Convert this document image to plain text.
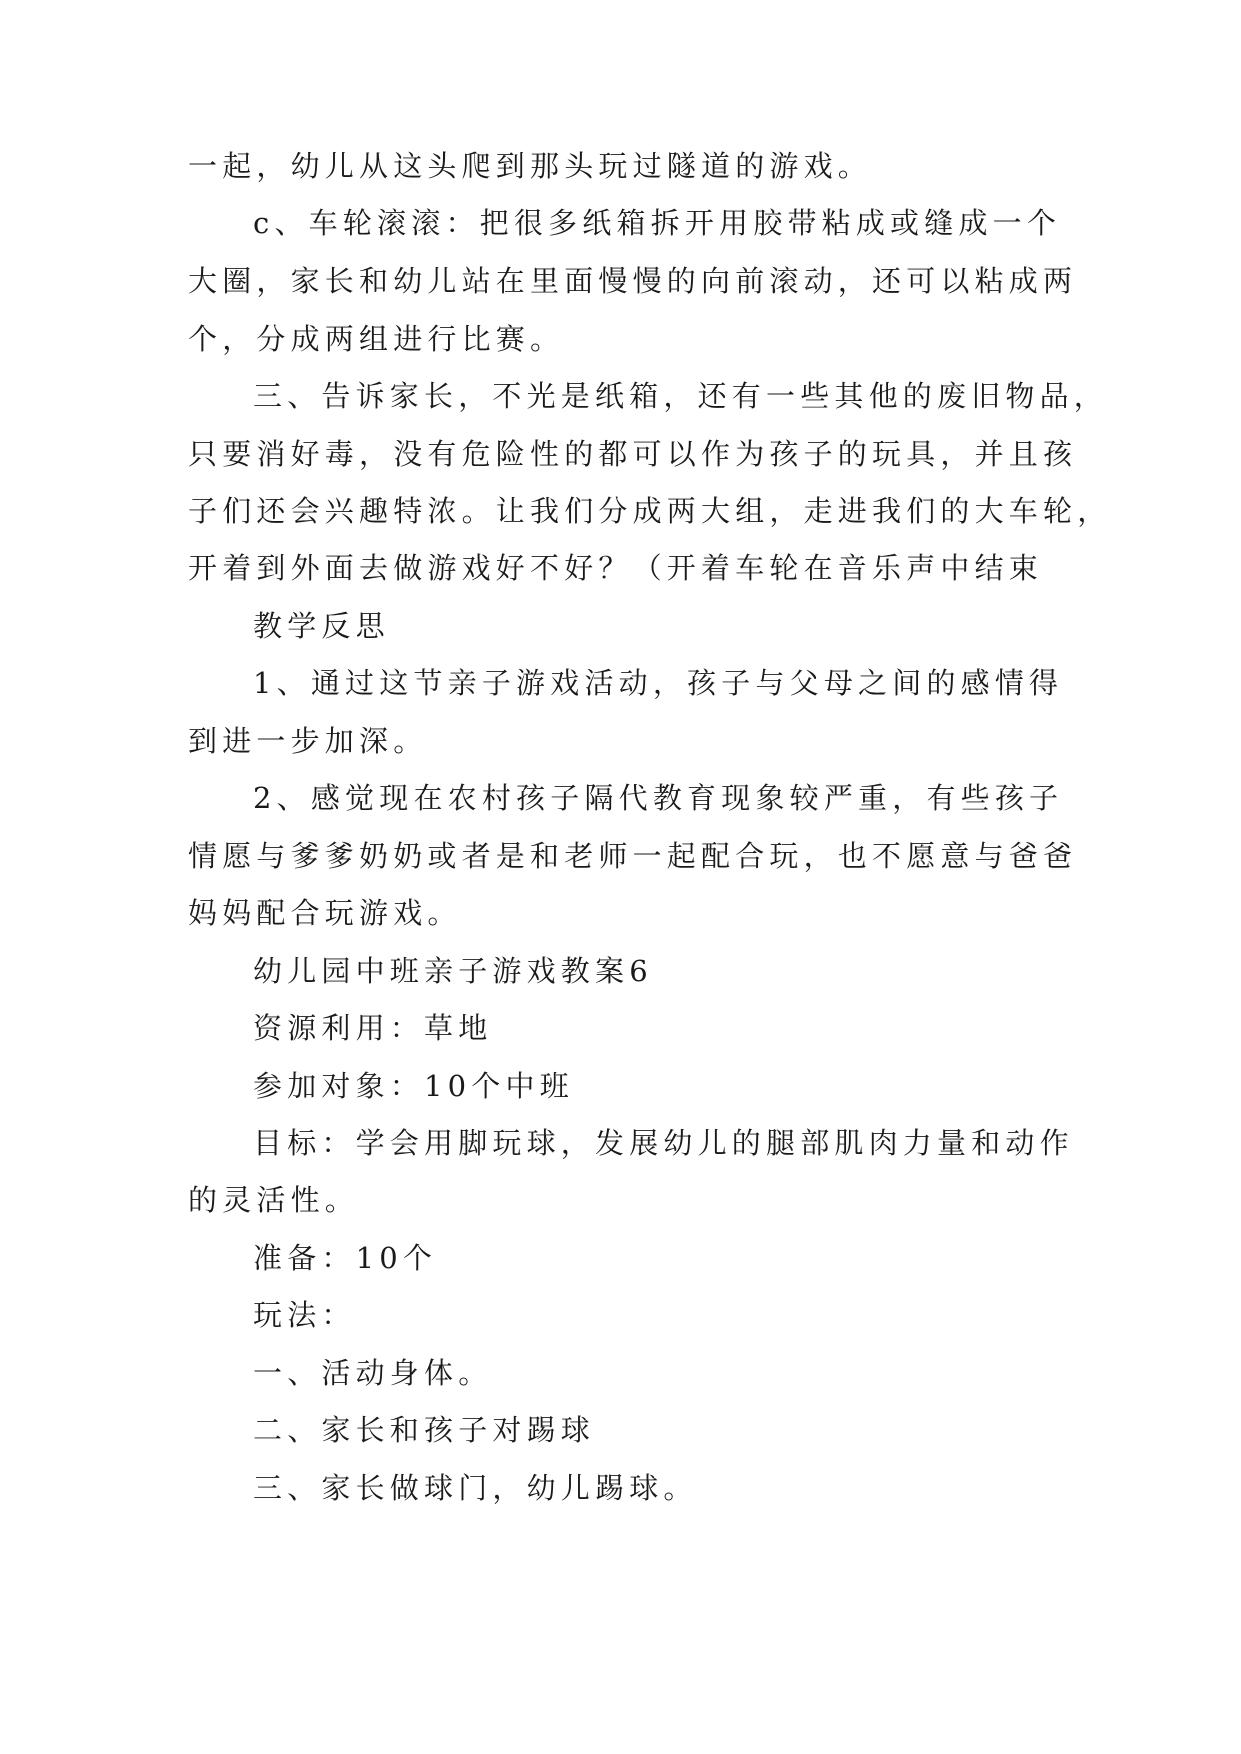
一起，幼儿从这头爬到那头玩过隧道的游戏。
c、车轮滚滚：把很多纸箱拆开用胶带粘成或缝成一个
大圈，家长和幼儿站在里面慢慢的向前滚动，还可以粘成两
个，分成两组进行比赛。
三、告诉家长，不光是纸箱，还有一些其他的废旧物品，
只要消好毒，没有危险性的都可以作为孩子的玩具，并且孩
子们还会兴趣特浓。让我们分成两大组，走进我们的大车轮，
开着到外面去做游戏好不好？（开着车轮在音乐声中结束
教学反思
1、通过这节亲子游戏活动，孩子与父母之间的感情得
到进一步加深。
2、感觉现在农村孩子隔代教育现象较严重，有些孩子
情愿与爹爹奶奶或者是和老师一起配合玩，也不愿意与爸爸
妈妈配合玩游戏。
幼儿园中班亲子游戏教案6
资源利用：草地
参加对象：10个中班
目标：学会用脚玩球，发展幼儿的腿部肌肉力量和动作
的灵活性。
准备：10个
玩法：
一、活动身体。
二、家长和孩子对踢球
三、家长做球门，幼儿踢球。
